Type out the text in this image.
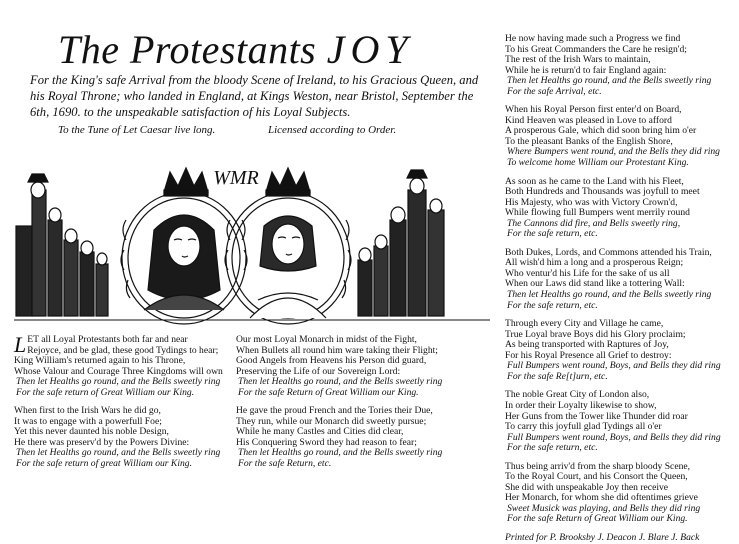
The Protestants JOY
For the King's safe Arrival from the bloody Scene of Ireland, to his Gracious Queen, and his Royal Throne; who landed in England, at Kings Weston, near Bristol, September the 6th, 1690. to the unspeakable satisfaction of his Loyal Subjects.
To the Tune of Let Caesar live long.	Licensed according to Order.
WMR
L ET all Loyal Protestants both far and near
Rejoyce, and be glad, these good Tydings to hear;
King William's returned again to his Throne,
Whose Valour and Courage Three Kingdoms will own
Then let Healths go round, and the Bells sweetly ring
For the safe return of Great William our King.
When first to the Irish Wars he did go,
It was to engage with a powerfull Foe;
Yet this never daunted his noble Design,
He there was preserv'd by the Powers Divine:
Then let Healths go round, and the Bells sweetly ring
For the safe return of great William our King.
Our most Loyal Monarch in midst of the Fight,
When Bullets all round him ware taking their Flight;
Good Angels from Heavens his Person did guard,
Preserving the Life of our Sovereign Lord:
Then let Healths go round, and the Bells sweetly ring
For the safe Return of Great William our King.
He gave the proud French and the Tories their Due,
They run, while our Monarch did sweetly pursue;
While he many Castles and Cities did clear,
His Conquering Sword they had reason to fear;
Then let Healths go round, and the Bells sweetly ring
For the safe Return, etc.
He now having made such a Progress we find
To his Great Commanders the Care he resign'd;
The rest of the Irish Wars to maintain,
While he is return'd to fair England again:
Then let Healths go round, and the Bells sweetly ring
For the safe Arrival, etc.
When his Royal Person first enter'd on Board,
Kind Heaven was pleased in Love to afford
A prosperous Gale, which did soon bring him o'er
To the pleasant Banks of the English Shore,
Where Bumpers went round, and the Bells they did ring
To welcome home William our Protestant King.
As soon as he came to the Land with his Fleet,
Both Hundreds and Thousands was joyfull to meet
His Majesty, who was with Victory Crown'd,
While flowing full Bumpers went merrily round
The Cannons did fire, and Bells sweetly ring,
For the safe return, etc.
Both Dukes, Lords, and Commons attended his Train,
All wish'd him a long and a prosperous Reign;
Who ventur'd his Life for the sake of us all
When our Laws did stand like a tottering Wall:
Then let Healths go round, and the Bells sweetly ring
For the safe return, etc.
Through every City and Village he came,
True Loyal brave Boys did his Glory proclaim;
As being transported with Raptures of Joy,
For his Royal Presence all Grief to destroy:
Full Bumpers went round, Boys, and Bells they did ring
For the safe Re[t]urn, etc.
The noble Great City of London also,
In order their Loyalty likewise to show,
Her Guns from the Tower like Thunder did roar
To carry this joyfull glad Tydings all o'er
Full Bumpers went round, Boys, and Bells they did ring
For the safe return, etc.
Thus being arriv'd from the sharp bloody Scene,
To the Royal Court, and his Consort the Queen,
She did with unspeakable Joy then receive
Her Monarch, for whom she did oftentimes grieve
Sweet Musick was playing, and Bells they did ring
For the safe Return of Great William our King.
Printed for P. Brooksby J. Deacon J. Blare J. Back
